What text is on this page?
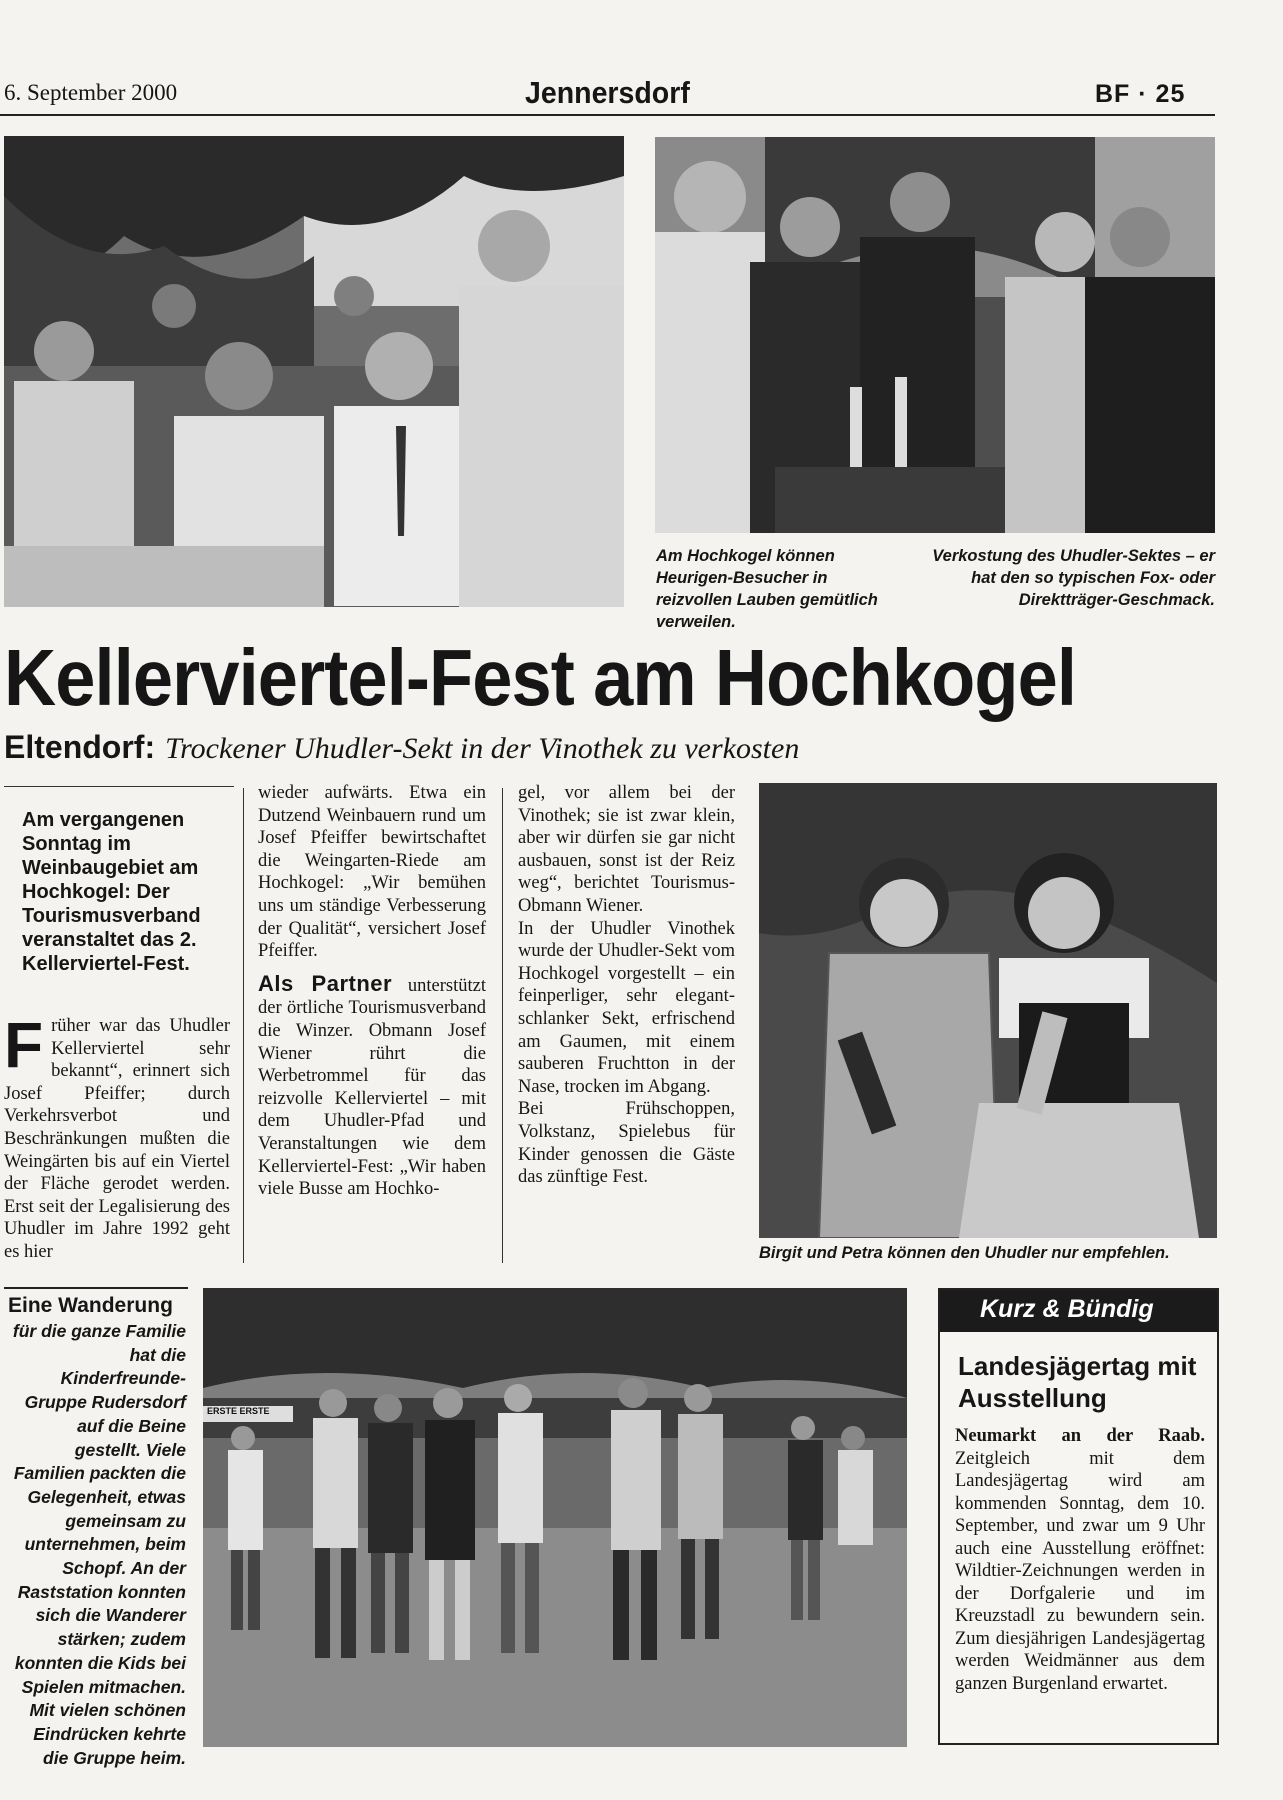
6. September 2000	Jennersdorf	BF · 25
Am Hochkogel können Heurigen-Besucher in reizvollen Lauben gemütlich verweilen.
Verkostung des Uhudler-Sektes – er hat den so typischen Fox- oder Direktträger-Geschmack.
Kellerviertel-Fest am Hochkogel
Eltendorf: Trockener Uhudler-Sekt in der Vinothek zu verkosten
Am vergangenen Sonntag im Weinbaugebiet am Hochkogel: Der Tourismusverband veranstaltet das 2. Kellerviertel-Fest.
Früher war das Uhudler Kellerviertel sehr bekannt“, erinnert sich Josef Pfeiffer; durch Verkehrsverbot und Beschränkungen mußten die Weingärten bis auf ein Viertel der Fläche gerodet werden. Erst seit der Legalisierung des Uhudler im Jahre 1992 geht es hier

wieder aufwärts. Etwa ein Dutzend Weinbauern rund um Josef Pfeiffer bewirtschaftet die Weingarten-Riede am Hochkogel: „Wir bemühen uns um ständige Verbesserung der Qualität“, versichert Josef Pfeiffer.

Als Partner unterstützt der örtliche Tourismusverband die Winzer. Obmann Josef Wiener rührt die Werbetrommel für das reizvolle Kellerviertel – mit dem Uhudler-Pfad und Veranstaltungen wie dem Kellerviertel-Fest: „Wir haben viele Busse am Hochko-

gel, vor allem bei der Vinothek; sie ist zwar klein, aber wir dürfen sie gar nicht ausbauen, sonst ist der Reiz weg“, berichtet Tourismus-Obmann Wiener.

In der Uhudler Vinothek wurde der Uhudler-Sekt vom Hochkogel vorgestellt – ein feinperliger, sehr elegant-schlanker Sekt, erfrischend am Gaumen, mit einem sauberen Fruchtton in der Nase, trocken im Abgang.

Bei Frühschoppen, Volkstanz, Spielebus für Kinder genossen die Gäste das zünftige Fest.

Birgit und Petra können den Uhudler nur empfehlen.
Eine Wanderung
für die ganze Familie hat die Kinderfreunde-Gruppe Rudersdorf auf die Beine gestellt. Viele Familien packten die Gelegenheit, etwas gemeinsam zu unternehmen, beim Schopf. An der Raststation konnten sich die Wanderer stärken; zudem konnten die Kids bei Spielen mitmachen. Mit vielen schönen Eindrücken kehrte die Gruppe heim.
ERSTE ERSTE
Kurz & Bündig
Landesjägertag mit Ausstellung
Neumarkt an der Raab. Zeitgleich mit dem Landesjägertag wird am kommenden Sonntag, dem 10. September, und zwar um 9 Uhr auch eine Ausstellung eröffnet: Wildtier-Zeichnungen werden in der Dorfgalerie und im Kreuzstadl zu bewundern sein. Zum diesjährigen Landesjägertag werden Weidmänner aus dem ganzen Burgenland erwartet.
